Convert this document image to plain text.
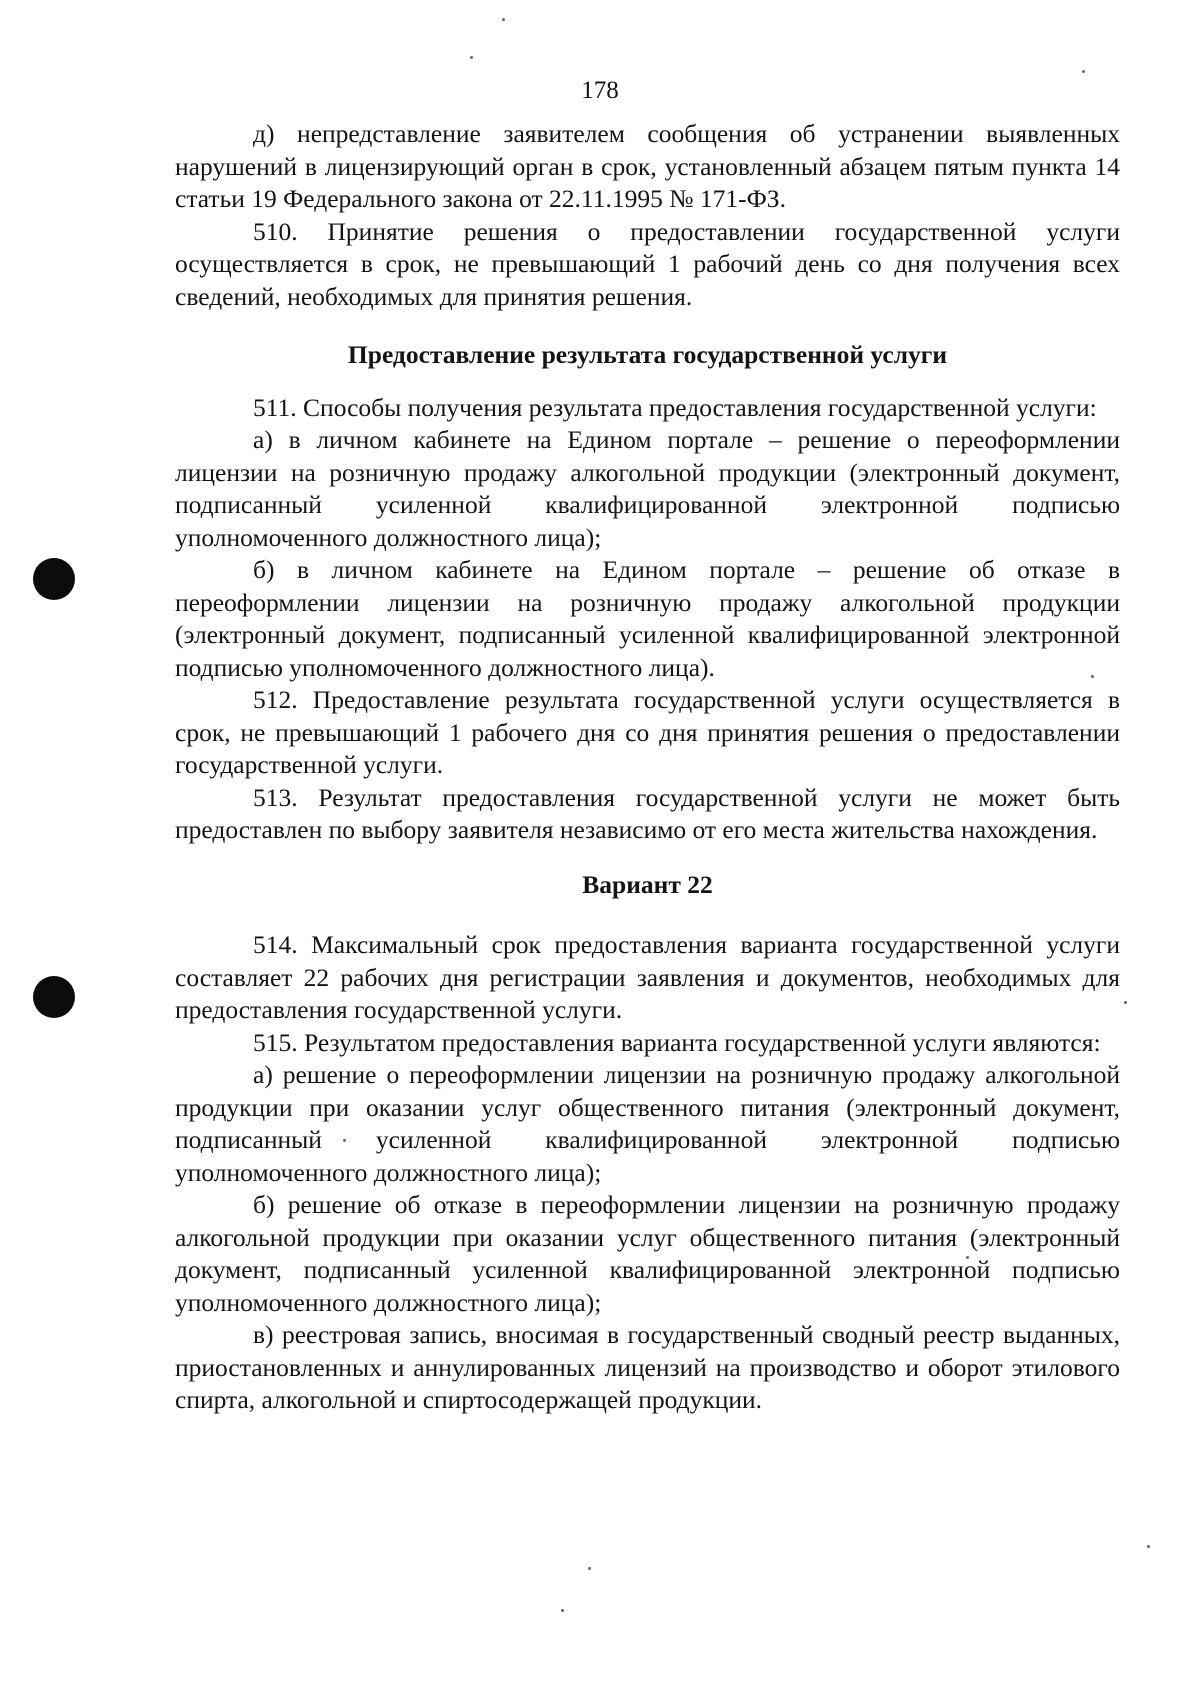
178

д) непредставление заявителем сообщения об устранении выявленных нарушений в лицензирующий орган в срок, установленный абзацем пятым пункта 14 статьи 19 Федерального закона от 22.11.1995 № 171-ФЗ.

510. Принятие решения о предоставлении государственной услуги осуществляется в срок, не превышающий 1 рабочий день со дня получения всех сведений, необходимых для принятия решения.

Предоставление результата государственной услуги

511. Способы получения результата предоставления государственной услуги:

а) в личном кабинете на Едином портале – решение о переоформлении лицензии на розничную продажу алкогольной продукции (электронный документ, подписанный усиленной квалифицированной электронной подписью уполномоченного должностного лица);

б) в личном кабинете на Едином портале – решение об отказе в переоформлении лицензии на розничную продажу алкогольной продукции (электронный документ, подписанный усиленной квалифицированной электронной подписью уполномоченного должностного лица).

512. Предоставление результата государственной услуги осуществляется в срок, не превышающий 1 рабочего дня со дня принятия решения о предоставлении государственной услуги.

513. Результат предоставления государственной услуги не может быть предоставлен по выбору заявителя независимо от его места жительства нахождения.

Вариант 22

514. Максимальный срок предоставления варианта государственной услуги составляет 22 рабочих дня регистрации заявления и документов, необходимых для предоставления государственной услуги.

515. Результатом предоставления варианта государственной услуги являются:

а) решение о переоформлении лицензии на розничную продажу алкогольной продукции при оказании услуг общественного питания (электронный документ, подписанный усиленной квалифицированной электронной подписью уполномоченного должностного лица);

б) решение об отказе в переоформлении лицензии на розничную продажу алкогольной продукции при оказании услуг общественного питания (электронный документ, подписанный усиленной квалифицированной электронной подписью уполномоченного должностного лица);

в) реестровая запись, вносимая в государственный сводный реестр выданных, приостановленных и аннулированных лицензий на производство и оборот этилового спирта, алкогольной и спиртосодержащей продукции.
